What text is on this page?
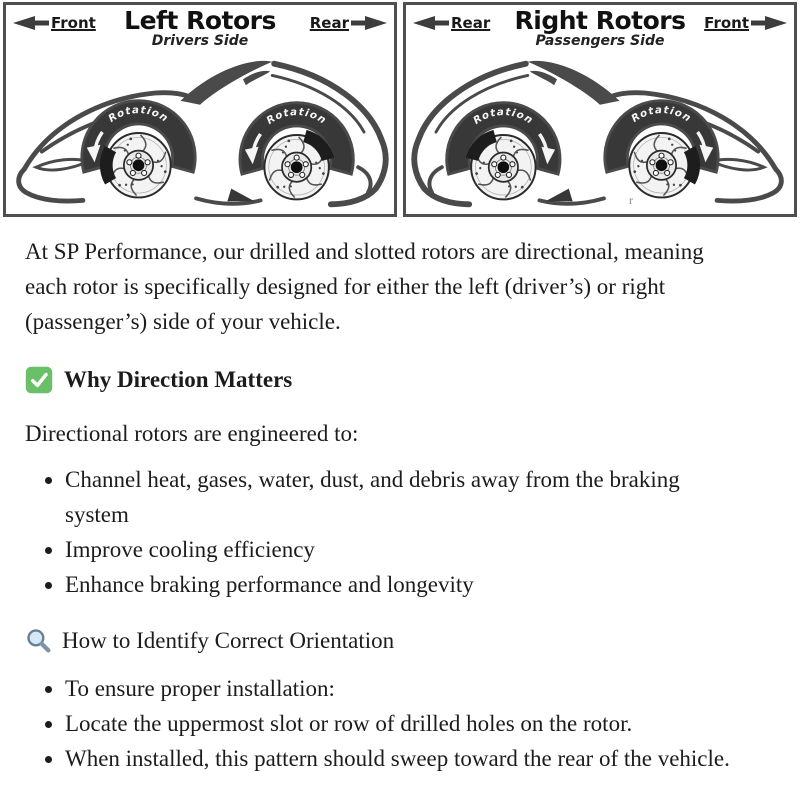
Front	Left Rotors
Drivers Side
Rear
Rotation	Rotation
Rear Right Rotors
Passengers Side
Front
Rotation
Rotation
r

At SP Performance, our drilled and slotted rotors are directional, meaning each rotor is specifically designed for either the left (driver’s) or right (passenger’s) side of your vehicle.

Why Direction Matters

Directional rotors are engineered to:

• Channel heat, gases, water, dust, and debris away from the braking system
• Improve cooling efficiency
• Enhance braking performance and longevity
How to Identify Correct Orientation
• To ensure proper installation:
• Locate the uppermost slot or row of drilled holes on the rotor.
• When installed, this pattern should sweep toward the rear of the vehicle.
